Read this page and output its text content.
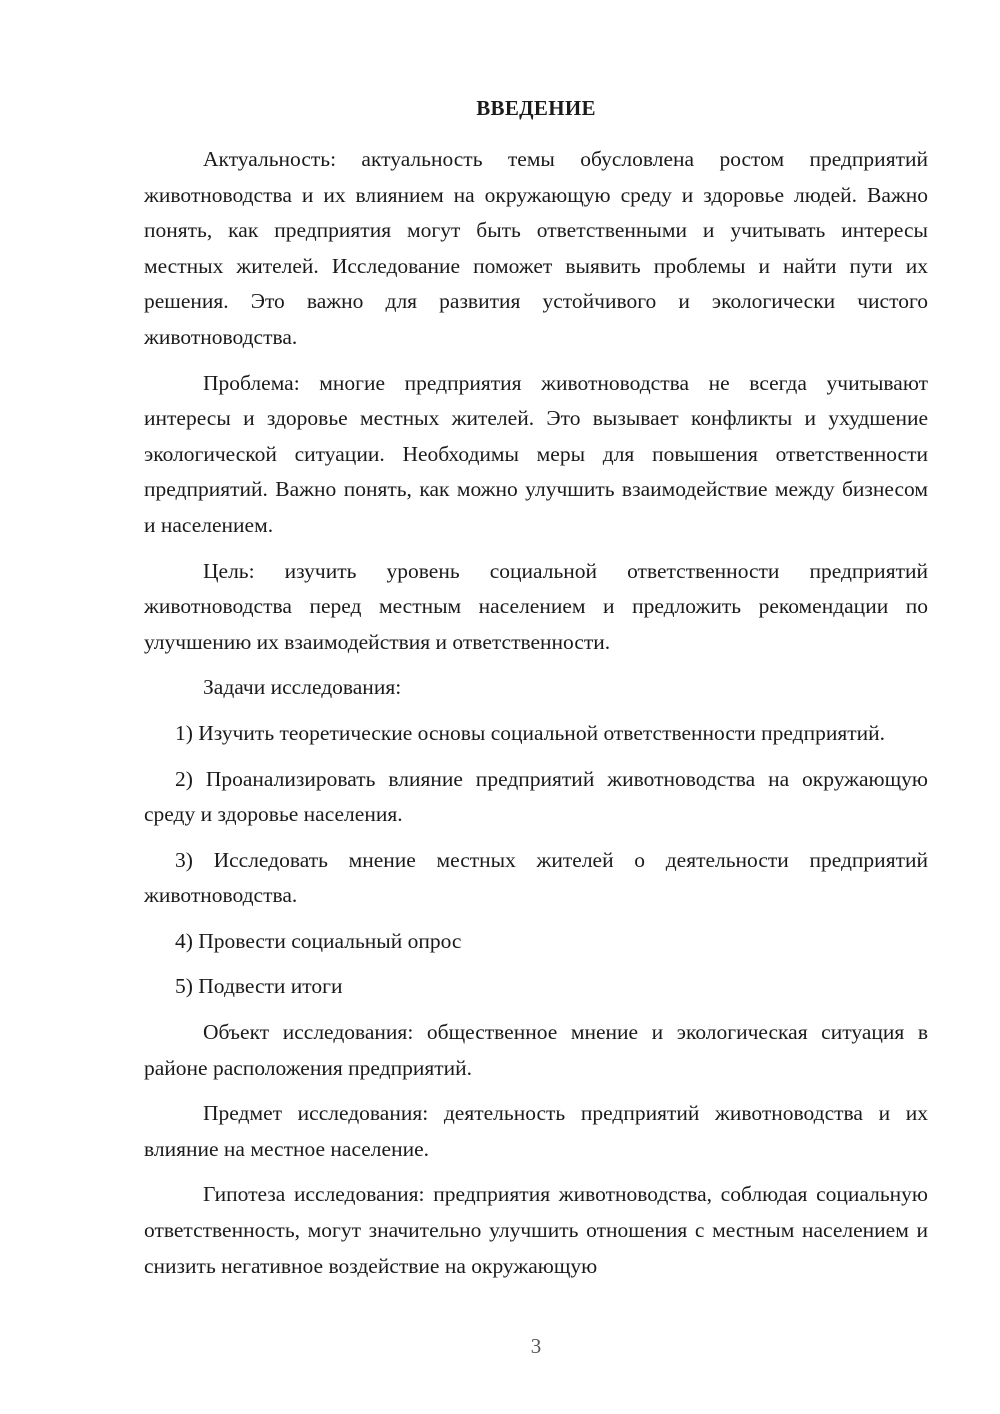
ВВЕДЕНИЕ

Актуальность: актуальность темы обусловлена ростом предприятий животноводства и их влиянием на окружающую среду и здоровье людей. Важно понять, как предприятия могут быть ответственными и учитывать интересы местных жителей. Исследование поможет выявить проблемы и найти пути их решения. Это важно для развития устойчивого и экологически чистого животноводства.

Проблема: многие предприятия животноводства не всегда учитывают интересы и здоровье местных жителей. Это вызывает конфликты и ухудшение экологической ситуации. Необходимы меры для повышения ответственности предприятий. Важно понять, как можно улучшить взаимодействие между бизнесом и населением.

Цель: изучить уровень социальной ответственности предприятий животноводства перед местным населением и предложить рекомендации по улучшению их взаимодействия и ответственности.

Задачи исследования:

1) Изучить теоретические основы социальной ответственности предприятий.

2) Проанализировать влияние предприятий животноводства на окружающую среду и здоровье населения.

3) Исследовать мнение местных жителей о деятельности предприятий животноводства.

4) Провести социальный опрос

5) Подвести итоги

Объект исследования: общественное мнение и экологическая ситуация в районе расположения предприятий.

Предмет исследования: деятельность предприятий животноводства и их влияние на местное население.

Гипотеза исследования: предприятия животноводства, соблюдая социальную ответственность, могут значительно улучшить отношения с местным населением и снизить негативное воздействие на окружающую

3
